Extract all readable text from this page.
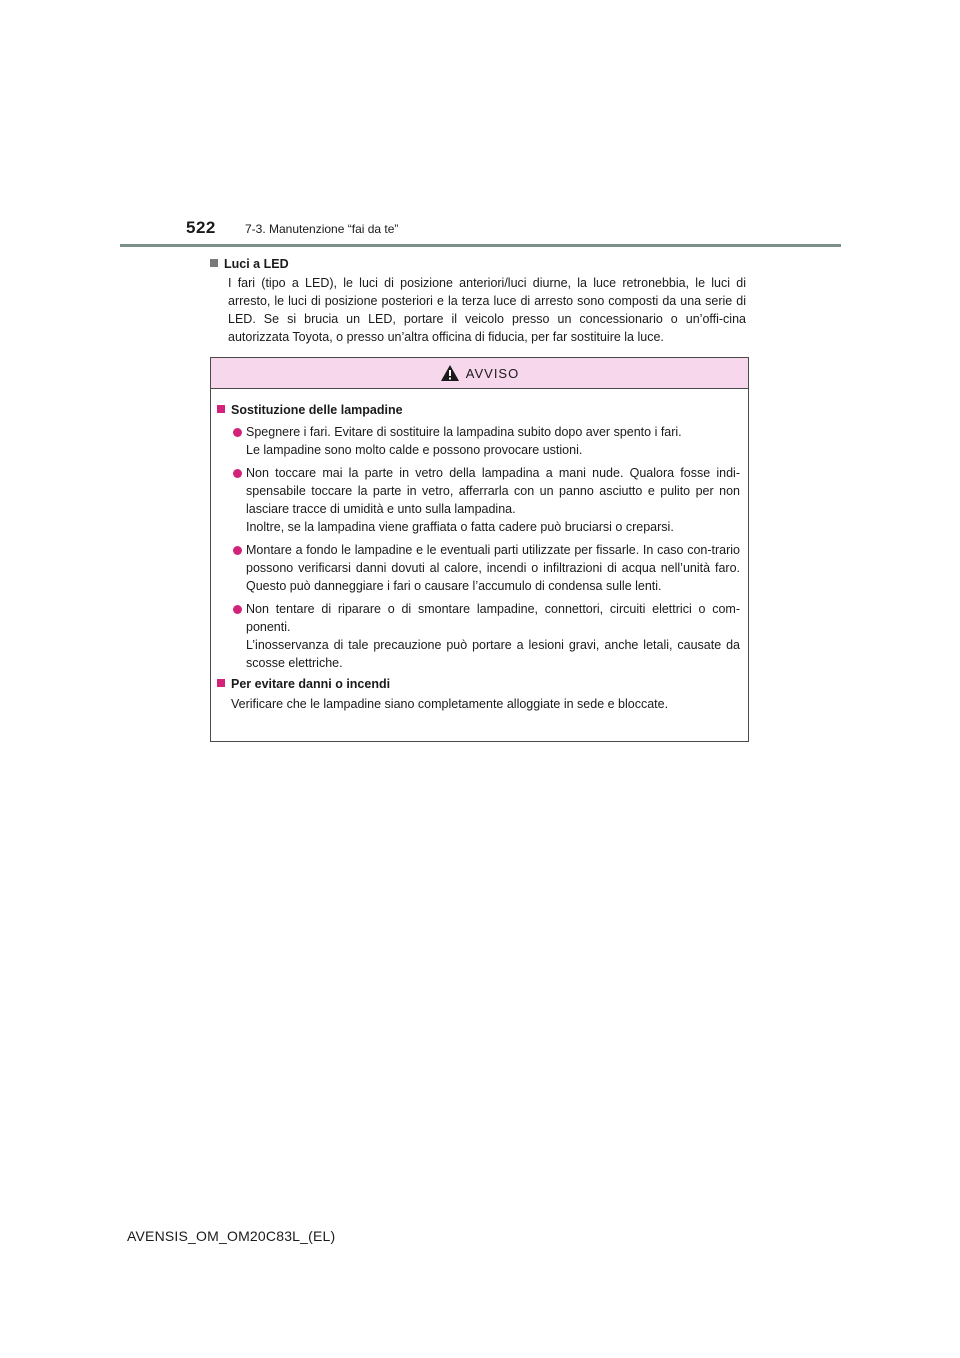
522 7-3. Manutenzione “fai da te”
Luci a LED
I fari (tipo a LED), le luci di posizione anteriori/luci diurne, la luce retronebbia, le luci di arresto, le luci di posizione posteriori e la terza luce di arresto sono composti da una serie di LED. Se si brucia un LED, portare il veicolo presso un concessionario o un’offi-cina autorizzata Toyota, o presso un’altra officina di fiducia, per far sostituire la luce.
AVVISO
Sostituzione delle lampadine
Spegnere i fari. Evitare di sostituire la lampadina subito dopo aver spento i fari.
Le lampadine sono molto calde e possono provocare ustioni.
Non toccare mai la parte in vetro della lampadina a mani nude. Qualora fosse indi-spensabile toccare la parte in vetro, afferrarla con un panno asciutto e pulito per non lasciare tracce di umidità e unto sulla lampadina.
Inoltre, se la lampadina viene graffiata o fatta cadere può bruciarsi o creparsi.
Montare a fondo le lampadine e le eventuali parti utilizzate per fissarle. In caso con-trario possono verificarsi danni dovuti al calore, incendi o infiltrazioni di acqua nell’unità faro. Questo può danneggiare i fari o causare l’accumulo di condensa sulle lenti.
Non tentare di riparare o di smontare lampadine, connettori, circuiti elettrici o com-ponenti.
L’inosservanza di tale precauzione può portare a lesioni gravi, anche letali, causate da scosse elettriche.
Per evitare danni o incendi
Verificare che le lampadine siano completamente alloggiate in sede e bloccate.
AVENSIS_OM_OM20C83L_(EL)
